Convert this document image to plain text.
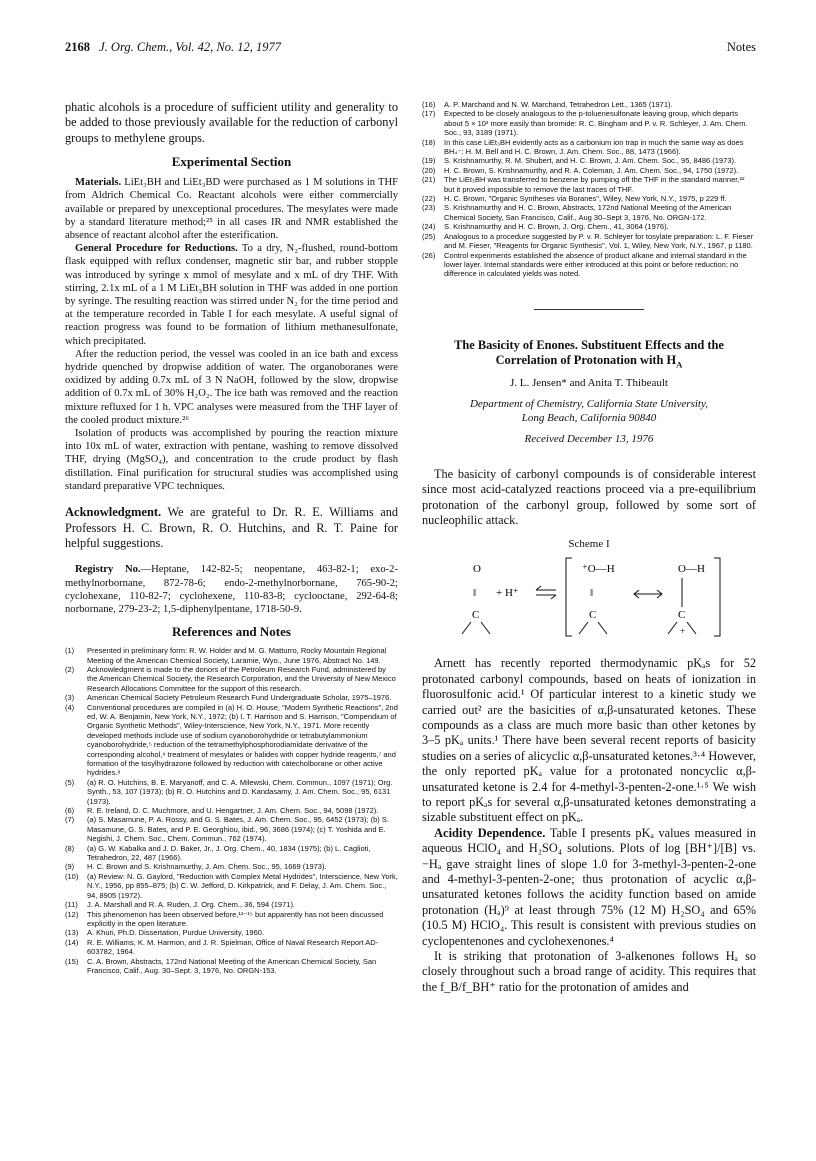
2168 J. Org. Chem., Vol. 42, No. 12, 1977	Notes

phatic alcohols is a procedure of sufficient utility and generality to be added to those previously available for the reduction of carbonyl groups to methylene groups.

Experimental Section

Materials. LiEt₃BH and LiEt₃BD were purchased as 1 M solutions in THF from Aldrich Chemical Co. Reactant alcohols were either commercially available or prepared by unexceptional procedures. The mesylates were made by a standard literature method;²⁵ in all cases IR and NMR established the absence of reactant alcohol after the esterification.

General Procedure for Reductions. To a dry, N₂-flushed, round-bottom flask equipped with reflux condenser, magnetic stir bar, and rubber stopple was introduced by syringe x mmol of mesylate and x mL of dry THF. With stirring, 2.1x mL of a 1 M LiEt₃BH solution in THF was added in one portion by syringe. The resulting reaction was stirred under N₂ for the time period and at the temperature recorded in Table I for each mesylate. A useful signal of reaction progress was found to be formation of lithium methanesulfonate, which precipitated.

After the reduction period, the vessel was cooled in an ice bath and excess hydride quenched by dropwise addition of water. The organoboranes were oxidized by adding 0.7x mL of 3 N NaOH, followed by the slow, dropwise addition of 0.7x mL of 30% H₂O₂. The ice bath was removed and the reaction mixture refluxed for 1 h. VPC analyses were measured from the THF layer of the cooled product mixture.²⁶

Isolation of products was accomplished by pouring the reaction mixture into 10x mL of water, extraction with pentane, washing to remove dissolved THF, drying (MgSO₄), and concentration to the crude product by flash distillation. Final purification for structural studies was accomplished using standard preparative VPC techniques.

Acknowledgment. We are grateful to Dr. R. E. Williams and Professors H. C. Brown, R. O. Hutchins, and R. T. Paine for helpful suggestions.

Registry No.—Heptane, 142-82-5; neopentane, 463-82-1; exo-2-methylnorbornane, 872-78-6; endo-2-methylnorbornane, 765-90-2; cyclohexane, 110-82-7; cyclohexene, 110-83-8; cyclooctane, 292-64-8; norbornane, 279-23-2; 1,5-diphenylpentane, 1718-50-9.

References and Notes
(1) Presented in preliminary form: R. W. Holder and M. G. Matturro, Rocky Mountain Regional Meeting of the American Chemical Society, Laramie, Wyo., June 1976, Abstract No. 149.
(2) Acknowledgment is made to the donors of the Petroleum Research Fund, administered by the American Chemical Society, the Research Corporation, and the University of New Mexico Research Allocations Committee for the support of this research.
(3) American Chemical Society Petroleum Research Fund Undergraduate Scholar, 1975–1976.
(4) Conventional procedures are compiled in (a) H. O. House, "Modern Synthetic Reactions", 2nd ed, W. A. Benjamin, New York, N.Y., 1972; (b) I. T. Harrison and S. Harrison, "Compendium of Organic Synthetic Methods", Wiley-Interscience, New York, N.Y., 1971. More recently developed methods include use of sodium cyanoborohydride or tetrabutylammonium cyanoborohydride,⁵ reduction of the tetramethylphosphorodiamidate derivative of the corresponding alcohol,⁶ treatment of mesylates or halides with copper hydride reagents,⁷ and formation of the tosylhydrazone followed by reduction with catecholborane or other active hydrides.⁸
(5) (a) R. O. Hutchins, B. E. Maryanoff, and C. A. Milewski, Chem. Commun., 1097 (1971); Org. Synth., 53, 107 (1973); (b) R. O. Hutchins and D. Kandasamy, J. Am. Chem. Soc., 95, 6131 (1973).
(6) R. E. Ireland, D. C. Muchmore, and U. Hengartner, J. Am. Chem. Soc., 94, 5098 (1972).
(7) (a) S. Masamune, P. A. Rossy, and G. S. Bates, J. Am. Chem. Soc., 95, 6452 (1973); (b) S. Masamune, G. S. Bates, and P. E. Georghiou, ibid., 96, 3686 (1974); (c) T. Yoshida and E. Negishi, J. Chem. Soc., Chem. Commun., 762 (1974).
(8) (a) G. W. Kabalka and J. D. Baker, Jr., J. Org. Chem., 40, 1834 (1975); (b) L. Caglioti, Tetrahedron, 22, 487 (1966).
(9) H. C. Brown and S. Krishnamurthy, J. Am. Chem. Soc., 95, 1669 (1973).
(10) (a) Review: N. G. Gaylord, "Reduction with Complex Metal Hydrides", Interscience, New York, N.Y., 1956, pp 855–875; (b) C. W. Jefford, D. Kirkpatrick, and F. Delay, J. Am. Chem. Soc., 94, 8905 (1972).
(11) J. A. Marshall and R. A. Ruden, J. Org. Chem., 36, 594 (1971).
(12) This phenomenon has been observed before,¹³⁻¹⁵ but apparently has not been discussed explicitly in the open literature.
(13) A. Khuri, Ph.D. Dissertation, Purdue University, 1960.
(14) R. E. Williams, K. M. Harmon, and J. R. Spielman, Office of Naval Research Report AD-603782, 1964.
(15) C. A. Brown, Abstracts, 172nd National Meeting of the American Chemical Society, San Francisco, Calif., Aug. 30–Sept. 3, 1976, No. ORGN-153.
(16) A. P. Marchand and N. W. Marchand, Tetrahedron Lett., 1365 (1971).
(17) Expected to be closely analogous to the p-toluenesulfonate leaving group, which departs about 5 × 10³ more easily than bromide: R. C. Bingham and P. v. R. Schleyer, J. Am. Chem. Soc., 93, 3189 (1971).
(18) In this case LiEt₃BH evidently acts as a carbonium ion trap in much the same way as does BH₄⁻: H. M. Bell and H. C. Brown, J. Am. Chem. Soc., 88, 1473 (1966).
(19) S. Krishnamurthy, R. M. Shubert, and H. C. Brown, J. Am. Chem. Soc., 95, 8486 (1973).
(20) H. C. Brown, S. Krishnamurthy, and R. A. Coleman, J. Am. Chem. Soc., 94, 1750 (1972).
(21) The LiEt₃BH was transferred to benzene by pumping off the THF in the standard manner,²² but it proved impossible to remove the last traces of THF.
(22) H. C. Brown, "Organic Syntheses via Boranes", Wiley, New York, N.Y., 1975, p 229 ff.
(23) S. Krishnamurthy and H. C. Brown, Abstracts, 172nd National Meeting of the American Chemical Society, San Francisco, Calif., Aug 30–Sept 3, 1976, No. ORGN-172.
(24) S. Krishnamurthy and H. C. Brown, J. Org. Chem., 41, 3064 (1976).
(25) Analogous to a procedure suggested by P. v. R. Schleyer for tosylate preparation: L. F. Fieser and M. Fieser, "Reagents for Organic Synthesis", Vol. 1, Wiley, New York, N.Y., 1967, p 1180.
(26) Control experiments established the absence of product alkane and internal standard in the lower layer. Internal standards were either introduced at this point or before reduction; no difference in calculated yields was noted.
The Basicity of Enones. Substituent Effects and the Correlation of Protonation with $H_A$
J. L. Jensen* and Anita T. Thibeault
Department of Chemistry, California State University,
Long Beach, California 90840
Received December 13, 1976

The basicity of carbonyl compounds is of considerable interest since most acid-catalyzed reactions proceed via a pre-equilibrium protonation of the carbonyl group, followed by some sort of nucleophilic attack.

Scheme I
O
‖
C
+ H⁺
⁺O—H
‖
C
O—H
C
+

Arnett has recently reported thermodynamic pKₐs for 52 protonated carbonyl compounds, based on heats of ionization in fluorosulfonic acid.¹ Of particular interest to a kinetic study we carried out² are the basicities of α,β-unsaturated ketones. These compounds as a class are much more basic than other ketones by 3–5 pKₐ units.¹ There have been several recent reports of basicity studies on a series of alicyclic α,β-unsaturated ketones.³·⁴ However, the only reported pKₐ value for a protonated noncyclic α,β-unsaturated ketone is 2.4 for 4-methyl-3-penten-2-one.¹·⁵ We wish to report pKₐs for several α,β-unsaturated ketones demonstrating a sizable substituent effect on pKₐ.

Acidity Dependence. Table I presents pKₐ values measured in aqueous HClO₄ and H₂SO₄ solutions. Plots of log [BH⁺]/[B] vs. −Hₐ gave straight lines of slope 1.0 for 3-methyl-3-penten-2-one and 4-methyl-3-penten-2-one; thus protonation of acyclic α,β-unsaturated ketones follows the acidity function based on amide protonation (Hₐ)⁹ at least through 75% (12 M) H₂SO₄ and 65% (10.5 M) HClO₄. This result is consistent with previous studies on cyclopentenones and cyclohexenones.⁴

It is striking that protonation of 3-alkenones follows Hₐ so closely throughout such a broad range of acidity. This requires that the f_B/f_BH⁺ ratio for the protonation of amides and
